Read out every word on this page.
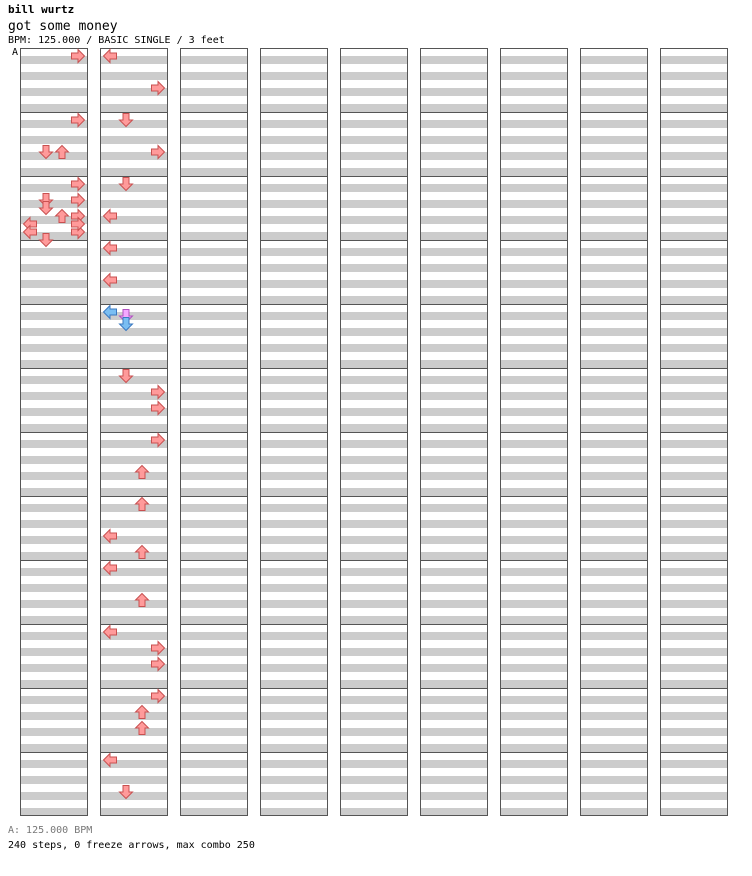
bill wurtz
got some money
BPM: 125.000 / BASIC SINGLE / 3 feet
A
A: 125.000 BPM
240 steps, 0 freeze arrows, max combo 250
